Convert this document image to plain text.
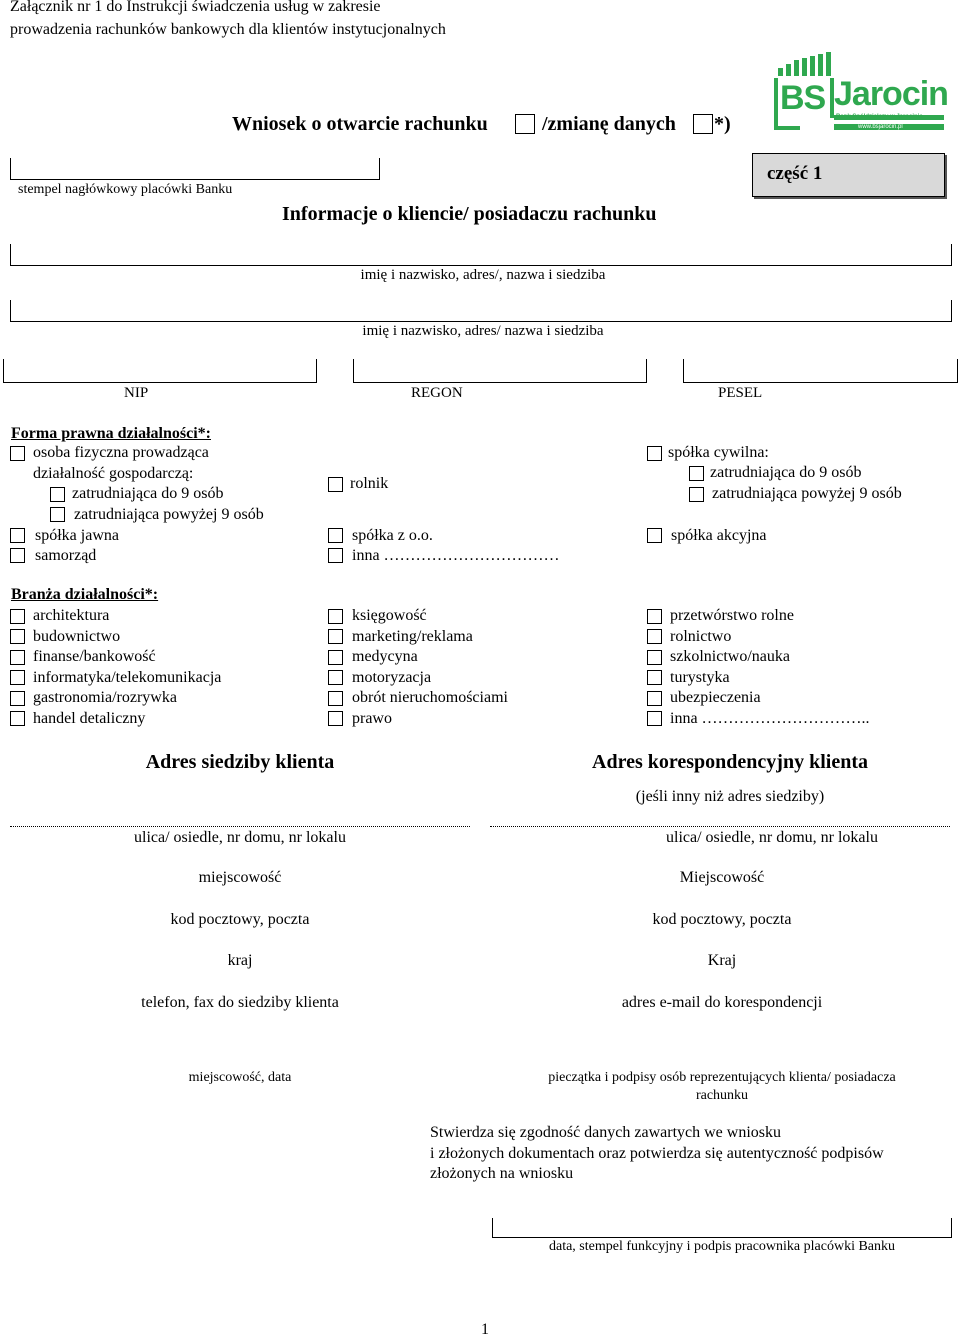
Załącznik nr 1 do Instrukcji świadczenia usług w zakresie
prowadzenia rachunków bankowych dla klientów instytucjonalnych
BS Jarocin
Bank Spółdzielczy w Jarocinie
www.bsjarocin.pl
Wniosek o otwarcie rachunku	/zmianę danych *)
stempel nagłówkowy placówki Banku
część 1
Informacje o kliencie/ posiadaczu rachunku
imię i nazwisko, adres/, nazwa i siedziba
imię i nazwisko, adres/ nazwa i siedziba
NIP	REGON	PESEL
Forma prawna działalności*:
osoba fizyczna prowadząca
działalność gospodarczą:
zatrudniająca do 9 osób
zatrudniająca powyżej 9 osób
spółka jawna
samorząd
rolnik
spółka z o.o.
inna ……………………………
spółka cywilna:
zatrudniająca do 9 osób
zatrudniająca powyżej 9 osób
spółka akcyjna
Branża działalności*:
architektura
budownictwo
finanse/bankowość
informatyka/telekomunikacja
gastronomia/rozrywka
handel detaliczny
księgowość
marketing/reklama
medycyna
motoryzacja
obrót nieruchomościami
prawo
przetwórstwo rolne
rolnictwo
szkolnictwo/nauka
turystyka
ubezpieczenia
inna …………………………..
Adres siedziby klienta	Adres korespondencyjny klienta
(jeśli inny niż adres siedziby)
ulica/ osiedle, nr domu, nr lokalu
miejscowość
kod pocztowy, poczta
kraj
telefon, fax do siedziby klienta
ulica/ osiedle, nr domu, nr lokalu
Miejscowość
kod pocztowy, poczta
Kraj
adres e-mail do korespondencji
miejscowość, data	pieczątka i podpisy osób reprezentujących klienta/ posiadacza
rachunku
Stwierdza się zgodność danych zawartych we wniosku
i złożonych dokumentach oraz potwierdza się autentyczność podpisów
złożonych na wniosku
data, stempel funkcyjny i podpis pracownika placówki Banku
1
